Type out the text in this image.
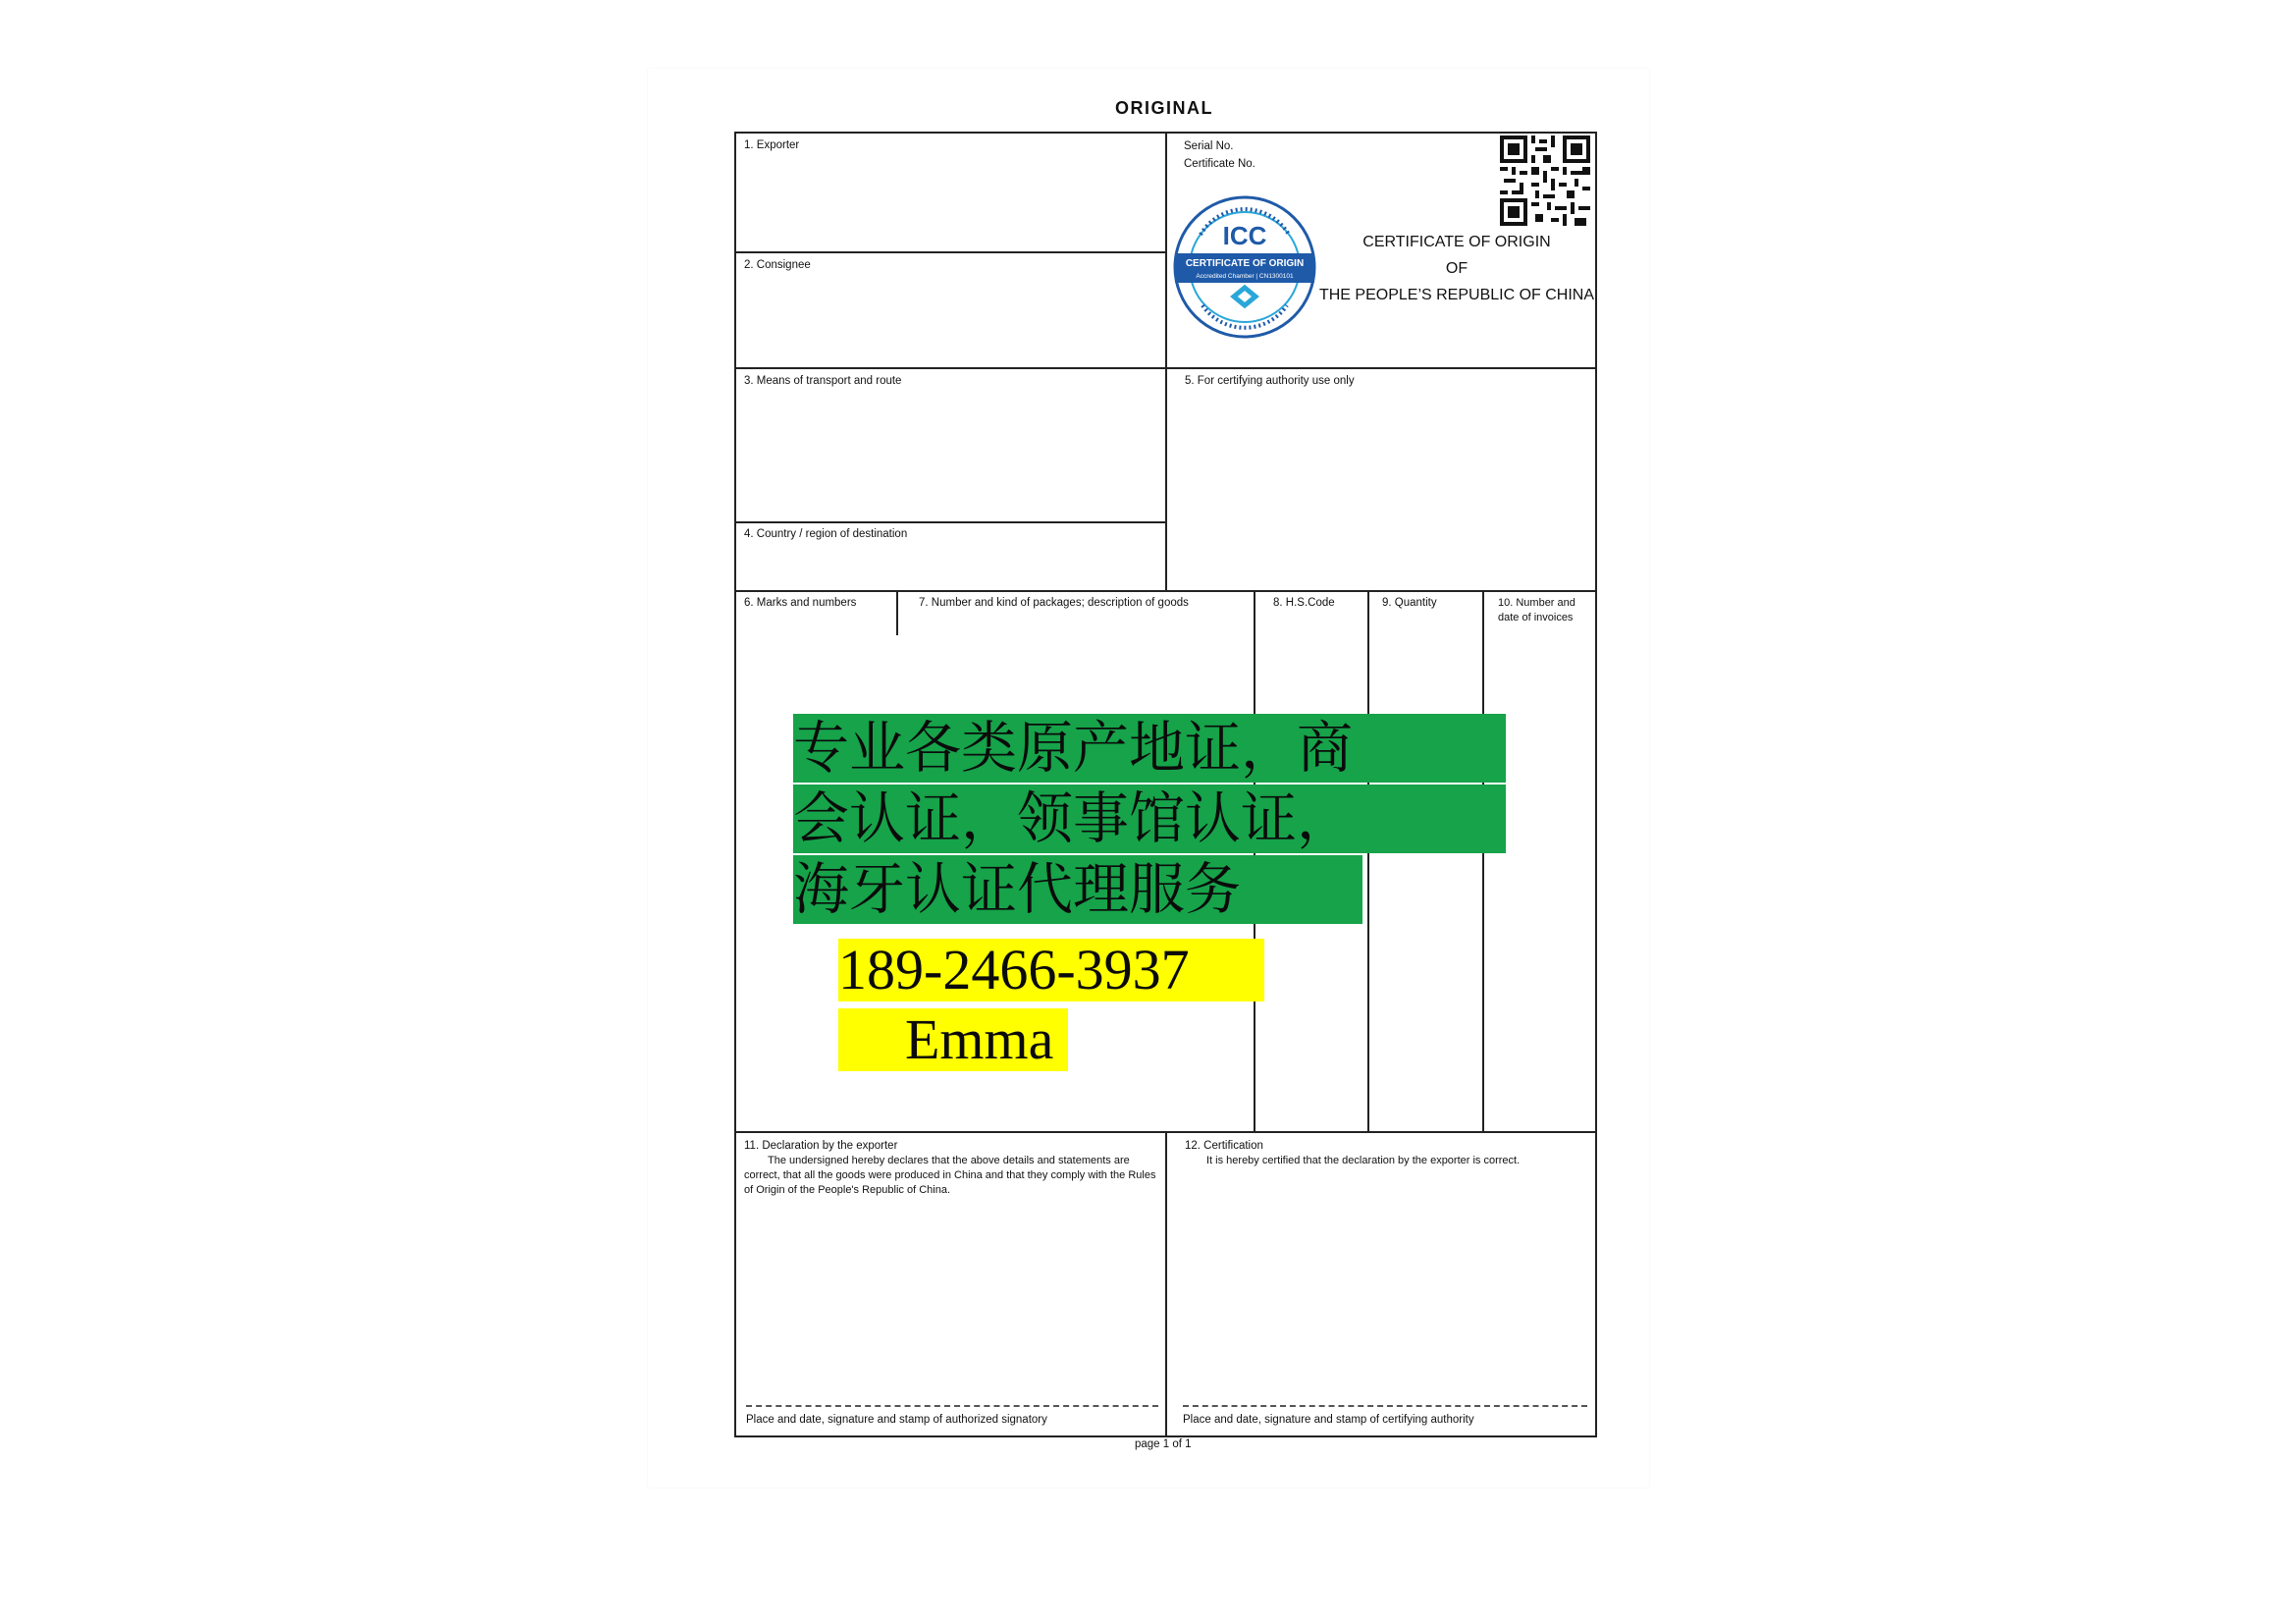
ORIGINAL
1. Exporter
2. Consignee
3. Means of transport and route
4. Country / region of destination
5. For certifying authority use only
6. Marks and numbers	7. Number and kind of packages; description of goods	8. H.S.Code	9. Quantity	10. Number and date of invoices
Serial No.
Certificate No.
CERTIFICATE OF ORIGIN
OF
THE PEOPLE’S REPUBLIC OF CHINA
CERTIFICATE OF ORIGIN
Accredited Chamber | CN1300101
ICC
11. Declaration by the exporter
The undersigned hereby declares that the above details and statements are correct, that all the goods were produced in China and that they comply with the Rules of Origin of the People's Republic of China.
12. Certification
It is hereby certified that the declaration by the exporter is correct.
Place and date, signature and stamp of authorized signatory	Place and date, signature and stamp of certifying authority
page 1 of 1
专业各类原产地证，商
会认证，领事馆认证，
海牙认证代理服务
189-2466-3937
Emma
